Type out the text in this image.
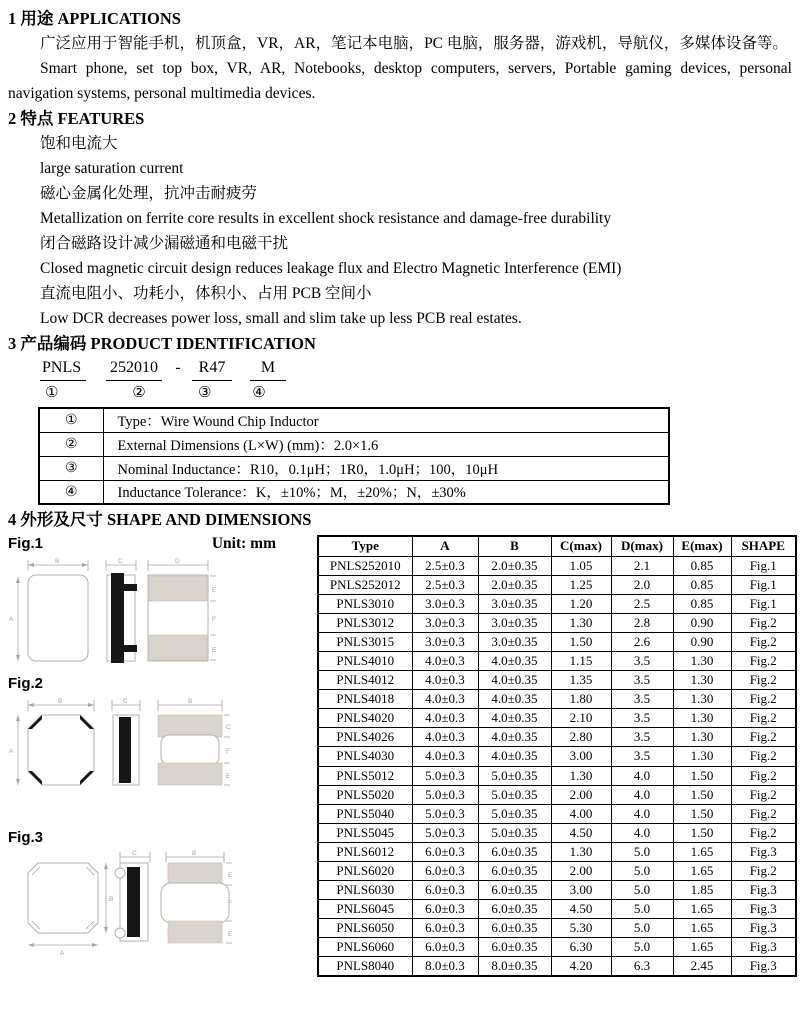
1 用途 APPLICATIONS

广泛应用于智能手机，机顶盒，VR，AR，笔记本电脑，PC 电脑，服务器，游戏机，导航仪，多媒体设备等。

Smart phone, set top box, VR, AR, Notebooks, desktop computers, servers, Portable gaming devices, personal navigation systems, personal multimedia devices.

2 特点 FEATURES
饱和电流大
large saturation current
磁心金属化处理，抗冲击耐疲劳
Metallization on ferrite core results in excellent shock resistance and damage-free durability
闭合磁路设计减少漏磁通和电磁干扰
Closed magnetic circuit design reduces leakage flux and Electro Magnetic Interference (EMI)
直流电阻小、功耗小，体积小、占用 PCB 空间小
Low DCR decreases power loss, small and slim take up less PCB real estates.
3 产品编码 PRODUCT IDENTIFICATION
PNLS 252010 - R47 M
①	②	③	④
①	Type：Wire Wound Chip Inductor
②	External Dimensions (L×W) (mm)：2.0×1.6
③	Nominal Inductance：R10，0.1μH；1R0，1.0μH；100，10μH
④	Inductance Tolerance：K，±10%；M，±20%；N，±30%
4 外形及尺寸 SHAPE AND DIMENSIONS
Fig.1	Unit: mm
B
A
C	D
E
F
E
Fig.2
B
A
C	B
C
F
E
Fig.3
A
B
C	B
E
F
E
Type	A	B	C(max)	D(max)	E(max)	SHAPE
PNLS252010	2.5±0.3	2.0±0.35	1.05	2.1	0.85	Fig.1
PNLS252012	2.5±0.3	2.0±0.35	1.25	2.0	0.85	Fig.1
PNLS3010	3.0±0.3	3.0±0.35	1.20	2.5	0.85	Fig.1
PNLS3012	3.0±0.3	3.0±0.35	1.30	2.8	0.90	Fig.2
PNLS3015	3.0±0.3	3.0±0.35	1.50	2.6	0.90	Fig.2
PNLS4010	4.0±0.3	4.0±0.35	1.15	3.5	1.30	Fig.2
PNLS4012	4.0±0.3	4.0±0.35	1.35	3.5	1.30	Fig.2
PNLS4018	4.0±0.3	4.0±0.35	1.80	3.5	1.30	Fig.2
PNLS4020	4.0±0.3	4.0±0.35	2.10	3.5	1.30	Fig.2
PNLS4026	4.0±0.3	4.0±0.35	2.80	3.5	1.30	Fig.2
PNLS4030	4.0±0.3	4.0±0.35	3.00	3.5	1.30	Fig.2
PNLS5012	5.0±0.3	5.0±0.35	1.30	4.0	1.50	Fig.2
PNLS5020	5.0±0.3	5.0±0.35	2.00	4.0	1.50	Fig.2
PNLS5040	5.0±0.3	5.0±0.35	4.00	4.0	1.50	Fig.2
PNLS5045	5.0±0.3	5.0±0.35	4.50	4.0	1.50	Fig.2
PNLS6012	6.0±0.3	6.0±0.35	1.30	5.0	1.65	Fig.3
PNLS6020	6.0±0.3	6.0±0.35	2.00	5.0	1.65	Fig.2
PNLS6030	6.0±0.3	6.0±0.35	3.00	5.0	1.85	Fig.3
PNLS6045	6.0±0.3	6.0±0.35	4.50	5.0	1.65	Fig.3
PNLS6050	6.0±0.3	6.0±0.35	5.30	5.0	1.65	Fig.3
PNLS6060	6.0±0.3	6.0±0.35	6.30	5.0	1.65	Fig.3
PNLS8040	8.0±0.3	8.0±0.35	4.20	6.3	2.45	Fig.3
